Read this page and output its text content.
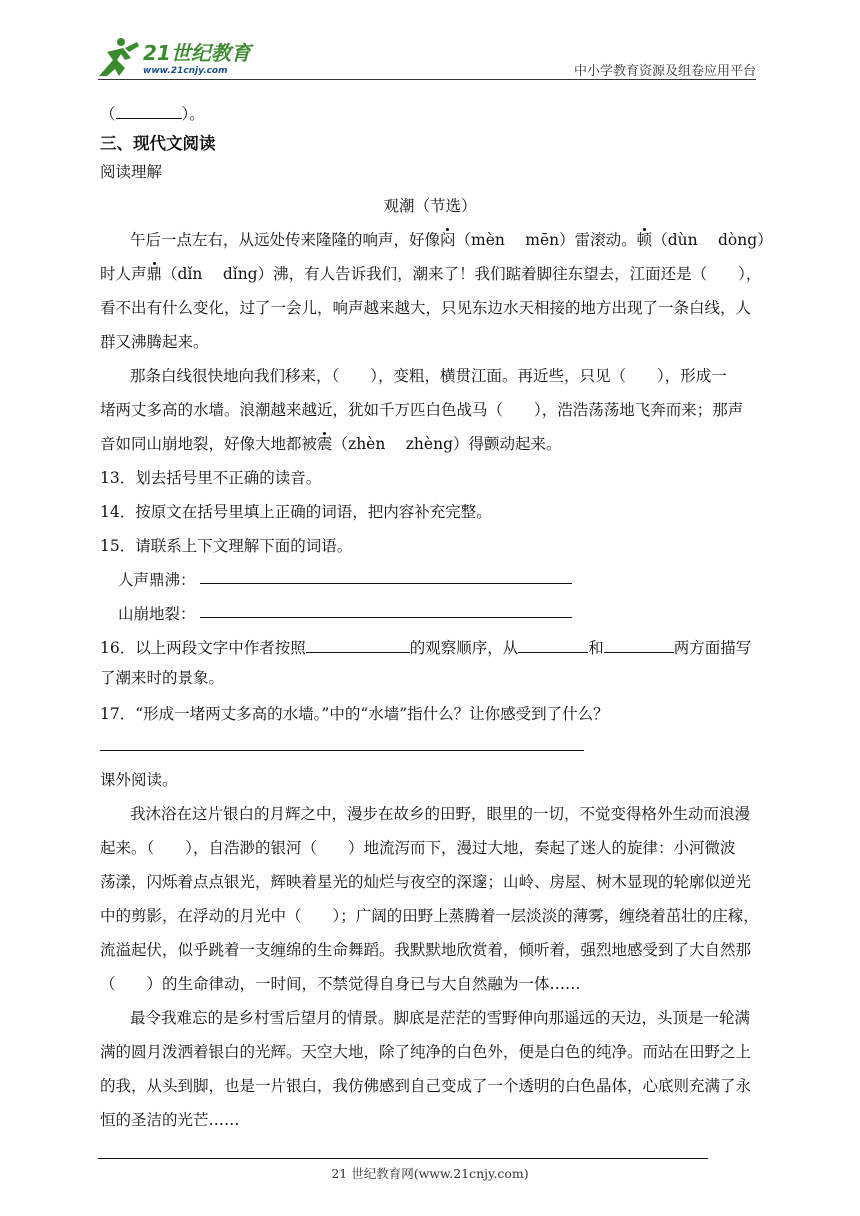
21世纪教育
www.21cnjy.com	中小学教育资源及组卷应用平台
（	）。
三、现代文阅读
阅读理解
观潮（节选）
午后一点左右，从远处传来隆隆的响声，好像闷（mèn　 mēn）雷滚动。顿（dùn　 dòng）
时人声鼎（dǐn　 dǐng）沸，有人告诉我们，潮来了！我们踮着脚往东望去，江面还是（　　），
看不出有什么变化，过了一会儿，响声越来越大，只见东边水天相接的地方出现了一条白线，人
群又沸腾起来。
那条白线很快地向我们移来，（　　），变粗，横贯江面。再近些，只见（　　），形成一
堵两丈多高的水墙。浪潮越来越近，犹如千万匹白色战马（　　），浩浩荡荡地飞奔而来；那声
音如同山崩地裂，好像大地都被震（zhèn　 zhèng）得颤动起来。
13．划去括号里不正确的读音。
14．按原文在括号里填上正确的词语，把内容补充完整。
15．请联系上下文理解下面的词语。
人声鼎沸：
山崩地裂：
16．以上两段文字中作者按照	的观察顺序，从	和	两方面描写
了潮来时的景象。
17．“形成一堵两丈多高的水墙。”中的“水墙”指什么？让你感受到了什么？
课外阅读。
我沐浴在这片银白的月辉之中，漫步在故乡的田野，眼里的一切，不觉变得格外生动而浪漫
起来。（　　），自浩渺的银河（　　）地流泻而下，漫过大地，奏起了迷人的旋律：小河微波
荡漾，闪烁着点点银光，辉映着星光的灿烂与夜空的深邃；山岭、房屋、树木显现的轮廓似逆光
中的剪影，在浮动的月光中（　　）；广阔的田野上蒸腾着一层淡淡的薄雾，缠绕着茁壮的庄稼，
流溢起伏，似乎跳着一支缠绵的生命舞蹈。我默默地欣赏着，倾听着，强烈地感受到了大自然那
（　　）的生命律动，一时间，不禁觉得自身已与大自然融为一体……
最令我难忘的是乡村雪后望月的情景。脚底是茫茫的雪野伸向那遥远的天边，头顶是一轮满
满的圆月泼洒着银白的光辉。天空大地，除了纯净的白色外，便是白色的纯净。而站在田野之上
的我，从头到脚，也是一片银白，我仿佛感到自己变成了一个透明的白色晶体，心底则充满了永
恒的圣洁的光芒……
21 世纪教育网(www.21cnjy.com)
